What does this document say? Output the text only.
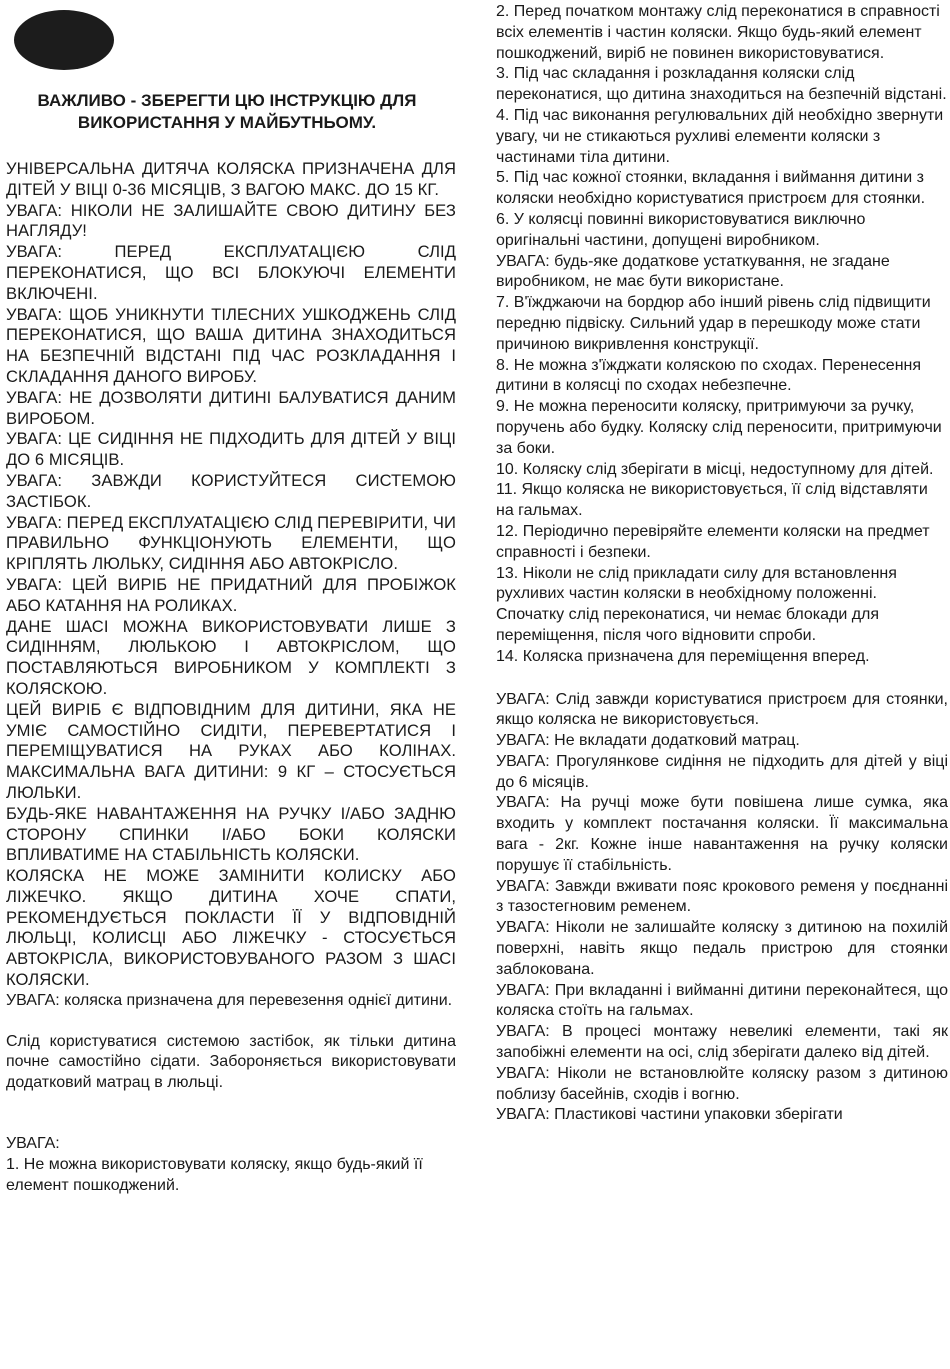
ВАЖЛИВО - ЗБЕРЕГТИ ЦЮ ІНСТРУКЦІЮ ДЛЯ
ВИКОРИСТАННЯ У МАЙБУТНЬОМУ.

УНІВЕРСАЛЬНА ДИТЯЧА КОЛЯСКА ПРИЗНАЧЕНА ДЛЯ ДІТЕЙ У ВІЦІ 0-36 МІСЯЦІВ, З ВАГОЮ МАКС. ДО 15 КГ.

УВАГА: НІКОЛИ НЕ ЗАЛИШАЙТЕ СВОЮ ДИТИНУ БЕЗ НАГЛЯДУ!

УВАГА: ПЕРЕД ЕКСПЛУАТАЦІЄЮ СЛІД ПЕРЕКОНАТИСЯ, ЩО ВСІ БЛОКУЮЧІ ЕЛЕМЕНТИ ВКЛЮЧЕНІ.

УВАГА: ЩОБ УНИКНУТИ ТІЛЕСНИХ УШКОДЖЕНЬ СЛІД ПЕРЕКОНАТИСЯ, ЩО ВАША ДИТИНА ЗНАХОДИТЬСЯ НА БЕЗПЕЧНІЙ ВІДСТАНІ ПІД ЧАС РОЗКЛАДАННЯ І СКЛАДАННЯ ДАНОГО ВИРОБУ.

УВАГА: НЕ ДОЗВОЛЯТИ ДИТИНІ БАЛУВАТИСЯ ДАНИМ ВИРОБОМ.

УВАГА: ЦЕ СИДІННЯ НЕ ПІДХОДИТЬ ДЛЯ ДІТЕЙ У ВІЦІ ДО 6 МІСЯЦІВ.

УВАГА: ЗАВЖДИ КОРИСТУЙТЕСЯ СИСТЕМОЮ ЗАСТІБОК.

УВАГА: ПЕРЕД ЕКСПЛУАТАЦІЄЮ СЛІД ПЕРЕВІРИТИ, ЧИ ПРАВИЛЬНО ФУНКЦІОНУЮТЬ ЕЛЕМЕНТИ, ЩО КРІПЛЯТЬ ЛЮЛЬКУ, СИДІННЯ АБО АВТОКРІСЛО.

УВАГА: ЦЕЙ ВИРІБ НЕ ПРИДАТНИЙ ДЛЯ ПРОБІЖОК АБО КАТАННЯ НА РОЛИКАХ.

ДАНЕ ШАСІ МОЖНА ВИКОРИСТОВУВАТИ ЛИШЕ З СИДІННЯМ, ЛЮЛЬКОЮ І АВТОКРІСЛОМ, ЩО ПОСТАВЛЯЮТЬСЯ ВИРОБНИКОМ У КОМПЛЕКТІ З КОЛЯСКОЮ.

ЦЕЙ ВИРІБ Є ВІДПОВІДНИМ ДЛЯ ДИТИНИ, ЯКА НЕ УМІЄ САМОСТІЙНО СИДІТИ, ПЕРЕВЕРТАТИСЯ І ПЕРЕМІЩУВАТИСЯ НА РУКАХ АБО КОЛІНАХ. МАКСИМАЛЬНА ВАГА ДИТИНИ: 9 КГ – СТОСУЄТЬСЯ ЛЮЛЬКИ.

БУДЬ-ЯКЕ НАВАНТАЖЕННЯ НА РУЧКУ І/АБО ЗАДНЮ СТОРОНУ СПИНКИ І/АБО БОКИ КОЛЯСКИ ВПЛИВАТИМЕ НА СТАБІЛЬНІСТЬ КОЛЯСКИ.

КОЛЯСКА НЕ МОЖЕ ЗАМІНИТИ КОЛИСКУ АБО ЛІЖЕЧКО. ЯКЩО ДИТИНА ХОЧЕ СПАТИ, РЕКОМЕНДУЄТЬСЯ ПОКЛАСТИ ЇЇ У ВІДПОВІДНІЙ ЛЮЛЬЦІ, КОЛИСЦІ АБО ЛІЖЕЧКУ - СТОСУЄТЬСЯ АВТОКРІСЛА, ВИКОРИСТОВУВАНОГО РАЗОМ З ШАСІ КОЛЯСКИ.

УВАГА: коляска призначена для перевезення однієї дитини.

Слід користуватися системою застібок, як тільки дитина почне самостійно сідати. Забороняється використовувати додатковий матрац в люльці.

УВАГА:

1. Не можна використовувати коляску, якщо будь-який її елемент пошкоджений.

2. Перед початком монтажу слід переконатися в справності всіх елементів і частин коляски. Якщо будь-який елемент пошкоджений, виріб не повинен використовуватися.

3. Під час складання і розкладання коляски слід переконатися, що дитина знаходиться на безпечній відстані.

4. Під час виконання регулювальних дій необхідно звернути увагу, чи не стикаються рухливі елементи коляски з частинами тіла дитини.

5. Під час кожної стоянки, вкладання і виймання дитини з коляски необхідно користуватися пристроєм для стоянки.

6. У колясці повинні використовуватися виключно оригінальні частини, допущені виробником.

УВАГА: будь-яке додаткове устаткування, не згадане виробником, не має бути використане.

7. В'їжджаючи на бордюр або інший рівень слід підвищити передню підвіску. Сильний удар в перешкоду може стати причиною викривлення конструкції.

8. Не можна з'їжджати коляскою по сходах. Перенесення дитини в колясці по сходах небезпечне.

9. Не можна переносити коляску, притримуючи за ручку, поручень або будку. Коляску слід переносити, притримуючи за боки.

10. Коляску слід зберігати в місці, недоступному для дітей.

11. Якщо коляска не використовується, її слід відставляти на гальмах.

12. Періодично перевіряйте елементи коляски на предмет справності і безпеки.

13. Ніколи не слід прикладати силу для встановлення рухливих частин коляски в необхідному положенні. Спочатку слід переконатися, чи немає блокади для переміщення, після чого відновити спроби.

14. Коляска призначена для переміщення вперед.

УВАГА: Слід завжди користуватися пристроєм для стоянки, якщо коляска не використовується.

УВАГА: Не вкладати додатковий матрац.

УВАГА: Прогулянкове сидіння не підходить для дітей у віці до 6 місяців.

УВАГА: На ручці може бути повішена лише сумка, яка входить у комплект постачання коляски. Її максимальна вага - 2кг. Кожне інше навантаження на ручку коляски порушує її стабільність.

УВАГА: Завжди вживати пояс крокового ременя у поєднанні з тазостегновим ременем.

УВАГА: Ніколи не залишайте коляску з дитиною на похилій поверхні, навіть якщо педаль пристрою для стоянки заблокована.

УВАГА: При вкладанні і вийманні дитини переконайтеся, що коляска стоїть на гальмах.

УВАГА: В процесі монтажу невеликі елементи, такі як запобіжні елементи на осі, слід зберігати далеко від дітей.

УВАГА: Ніколи не встановлюйте коляску разом з дитиною поблизу басейнів, сходів і вогню.

УВАГА: Пластикові частини упаковки зберігати
